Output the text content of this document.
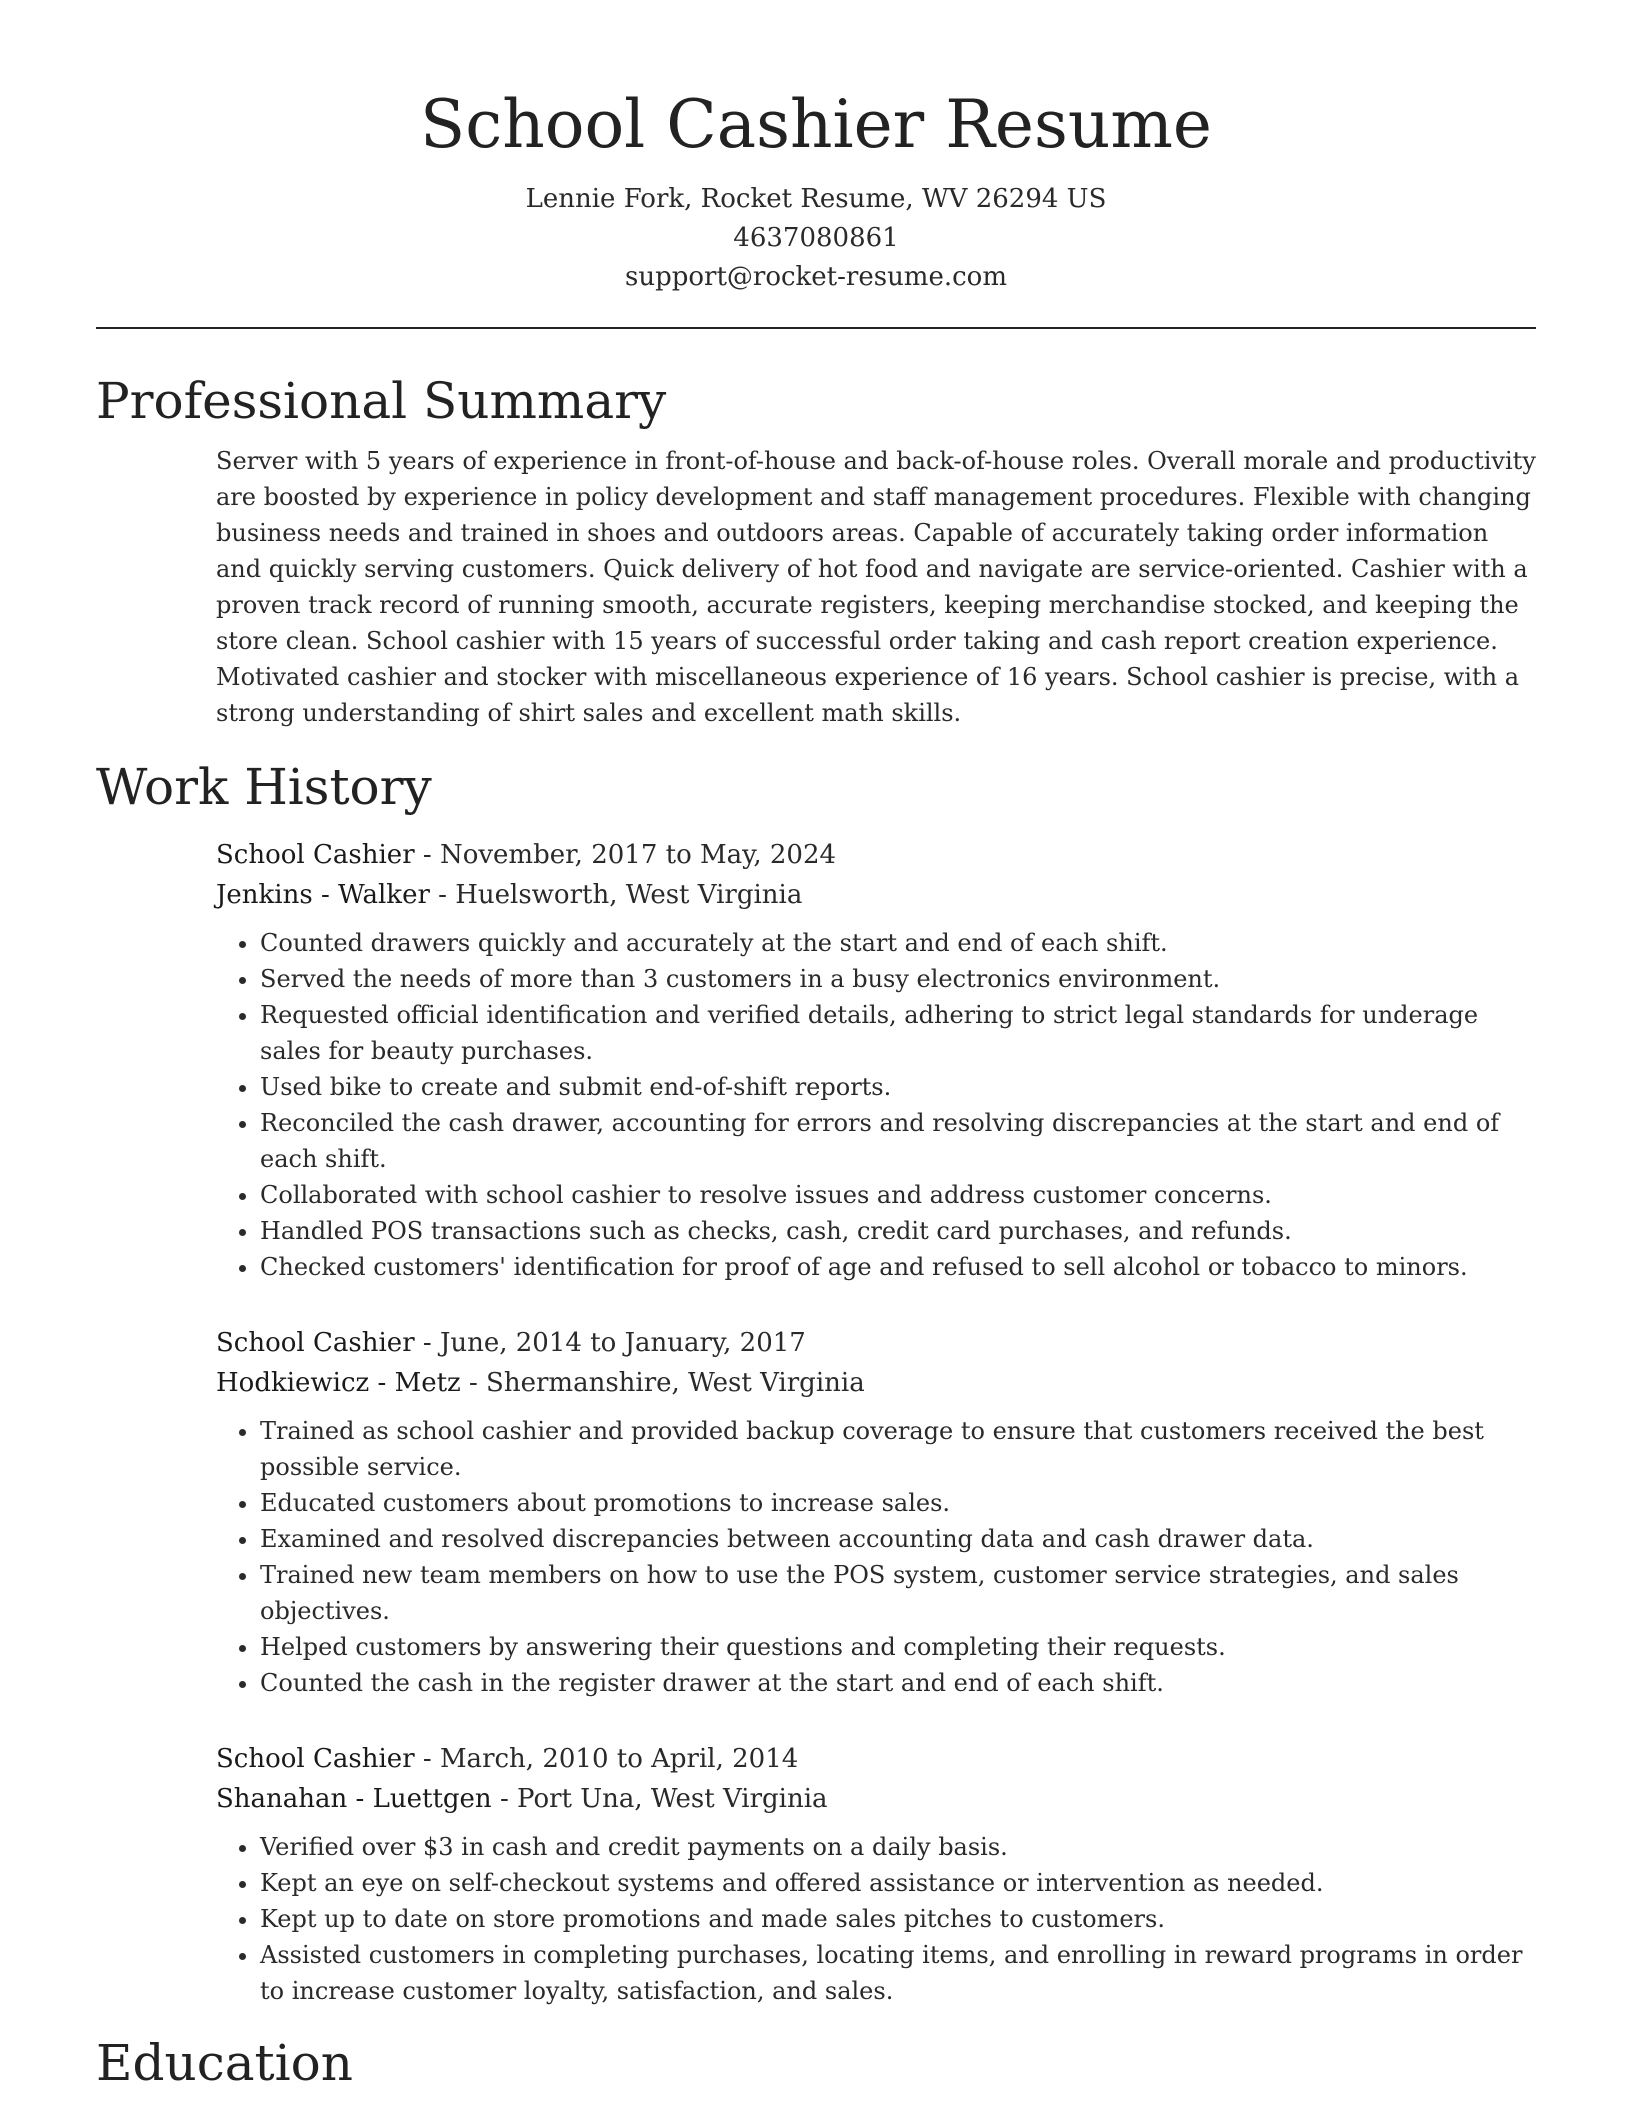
School Cashier Resume
Lennie Fork, Rocket Resume, WV 26294 US
4637080861
support@rocket-resume.com
Professional Summary

Server with 5 years of experience in front-of-house and back-of-house roles. Overall morale and productivity are boosted by experience in policy development and staff management procedures. Flexible with changing business needs and trained in shoes and outdoors areas. Capable of accurately taking order information and quickly serving customers. Quick delivery of hot food and navigate are service-oriented. Cashier with a proven track record of running smooth, accurate registers, keeping merchandise stocked, and keeping the store clean. School cashier with 15 years of successful order taking and cash report creation experience. Motivated cashier and stocker with miscellaneous experience of 16 years. School cashier is precise, with a strong understanding of shirt sales and excellent math skills.

Work History
School Cashier - November, 2017 to May, 2024
Jenkins - Walker - Huelsworth, West Virginia
• Counted drawers quickly and accurately at the start and end of each shift.
• Served the needs of more than 3 customers in a busy electronics environment.
• Requested official identification and verified details, adhering to strict legal standards for underage sales for beauty purchases.
• Used bike to create and submit end-of-shift reports.
• Reconciled the cash drawer, accounting for errors and resolving discrepancies at the start and end of each shift.
• Collaborated with school cashier to resolve issues and address customer concerns.
• Handled POS transactions such as checks, cash, credit card purchases, and refunds.
• Checked customers' identification for proof of age and refused to sell alcohol or tobacco to minors.
School Cashier - June, 2014 to January, 2017
Hodkiewicz - Metz - Shermanshire, West Virginia
• Trained as school cashier and provided backup coverage to ensure that customers received the best possible service.
• Educated customers about promotions to increase sales.
• Examined and resolved discrepancies between accounting data and cash drawer data.
• Trained new team members on how to use the POS system, customer service strategies, and sales objectives.
• Helped customers by answering their questions and completing their requests.
• Counted the cash in the register drawer at the start and end of each shift.
School Cashier - March, 2010 to April, 2014
Shanahan - Luettgen - Port Una, West Virginia
• Verified over $3 in cash and credit payments on a daily basis.
• Kept an eye on self-checkout systems and offered assistance or intervention as needed.
• Kept up to date on store promotions and made sales pitches to customers.
• Assisted customers in completing purchases, locating items, and enrolling in reward programs in order to increase customer loyalty, satisfaction, and sales.
Education
